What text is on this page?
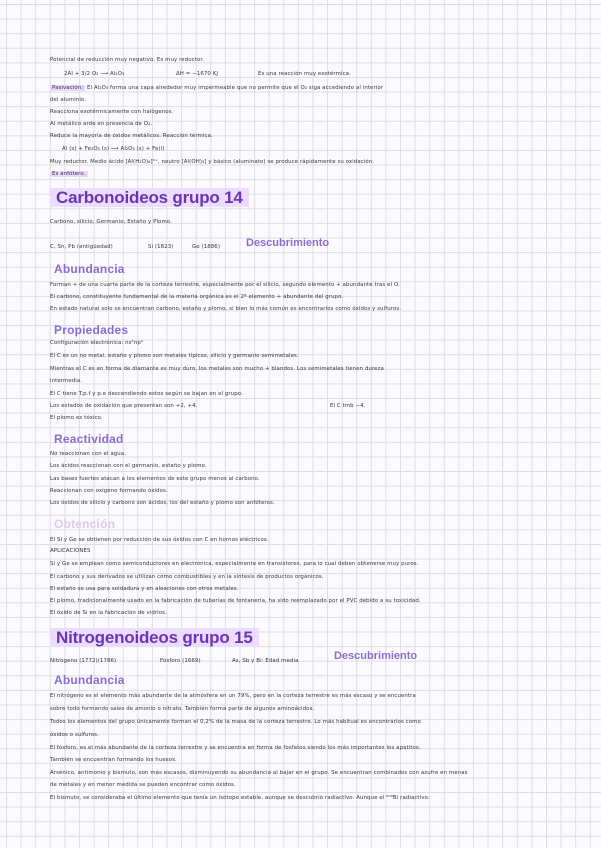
Potencial de reducción muy negativo. Es muy reductor.
2Al + 3/2 O₂ ⟶ Al₂O₃	ΔH = −1670 KJ	Es una reacción muy exotérmica.
Pasivación: El Al₂O₃ forma una capa alrededor muy impermeable que no permite que el O₂ siga accediendo al interior
del aluminio.
Reacciona exotérmicamente con halógenos.
Al metálico arde en presencia de O₂.
Reduce la mayoría de óxidos metálicos. Reacción térmica.
Al (s) + Fe₂O₃ (s) ⟶ Al₂O₃ (s) + Fe(l)
Muy reductor. Medio ácido [Al(H₂O)₆]³⁺, neutro [Al(OH)₃] y básico (aluminato) se produce rápidamente su oxidación.
Es anfótero.
Carbonoideos grupo 14
Carbono, silicio, Germanio, Estaño y Plomo.
C, Sn, Pb (antigüedad)	Si (1823)	Ge (1886) Descubrimiento
Abundancia
Forman + de una cuarta parte de la corteza terrestre, especialmente por el silicio, segundo elemento + abundante tras el O.
El carbono, constituyente fundamental de la materia orgánica es el 2º elemento + abundante del grupo.
En estado natural solo se encuentran carbono, estaño y plomo, si bien lo más común es encontrarlos como óxidos y sulfuros.
Propiedades
Configuración electrónica: ns²np²
El C es un no metal, estaño y plomo son metales típicos, silicio y germanio semimetales.
Mientras el C es en forma de diamante es muy duro, los metales son mucho + blandos. Los semimetales tienen dureza
intermedia.
El C tiene T.p.f y p.e descendiendo estos según se bajan en el grupo.
Los estados de oxidación que presentan son +2, +4.	El C tmb −4.
El plomo es tóxico.
Reactividad
No reaccionan con el agua.
Los ácidos reaccionan con el germanio, estaño y plomo.
Las bases fuertes atacan a los elementos de este grupo menos al carbono.
Reaccionan con oxígeno formando óxidos.
Los óxidos de silicio y carbono son ácidos, los del estaño y plomo son anfóteros.
Obtención
El Si y Ge se obtienen por reducción de sus óxidos con C en hornos eléctricos.
APLICACIONES
Si y Ge se emplean como semiconductores en electrónica, especialmente en transistores, para lo cual deben obtenerse muy puros.
El carbono y sus derivados se utilizan como combustibles y en la síntesis de productos orgánicos.
El estaño se usa para soldadura y en aleaciones con otros metales.
El plomo, tradicionalmente usado en la fabricación de tuberías de fontanería, ha sido reemplazado por el PVC debido a su toxicidad.
El óxido de Si en la fabricación de vidrios.
Nitrogenoideos grupo 15
Nitrógeno (1772)(1786)	Fósforo (1669)	As, Sb y Bi: Edad media	Descubrimiento
Abundancia
El nitrógeno es el elemento más abundante de la atmósfera en un 79%, pero en la corteza terrestre es más escaso y se encuentra
sobre todo formando sales de amonio o nitrato. También forma parte de algunos aminoácidos.
Todos los elementos del grupo únicamente forman el 0,2% de la masa de la corteza terrestre. Lo más habitual es encontrarlos como
óxidos o sulfuros.
El fósforo, es el más abundante de la corteza terrestre y se encuentra en forma de fosfatos siendo los más importantes los apatitos.
También se encuentran formando los huesos.
Arsénico, antimonio y bismuto, son más escasos, disminuyendo su abundancia al bajar en el grupo. Se encuentran combinados con azufre en menas
de metales y en menor medida se pueden encontrar como óxidos.
El bismuto, se consideraba el último elemento que tenía un isótopo estable, aunque se descubrió radiactivo. Aunque el ²⁰⁹Bi radiactivo.
